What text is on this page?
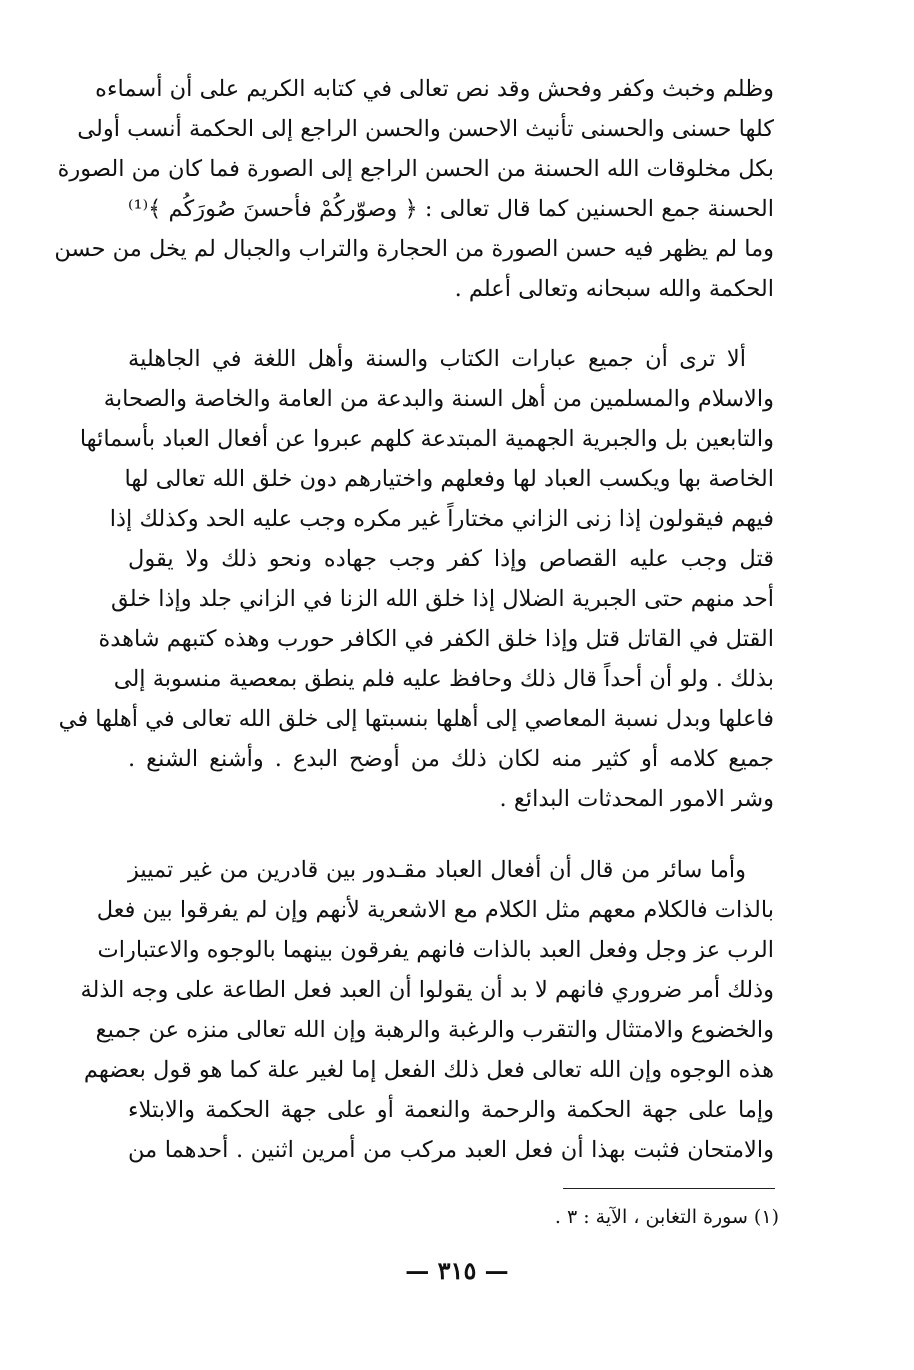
وظلم وخبث وكفر وفحش وقد نص تعالى في كتابه الكريم على أن أسماءه
كلها حسنى والحسنى تأنيث الاحسن والحسن الراجع إلى الحكمة أنسب أولى
بكل مخلوقات الله الحسنة من الحسن الراجع إلى الصورة فما كان من الصورة
الحسنة جمع الحسنين كما قال تعالى : ﴿ وصوّركُمْ فأحسنَ صُورَكُم ﴾⁽¹⁾
وما لم يظهر فيه حسن الصورة من الحجارة والتراب والجبال لم يخل من حسن
الحكمة والله سبحانه وتعالى أعلم .
ألا ترى أن جميع عبارات الكتاب والسنة وأهل اللغة في الجاهلية
والاسلام والمسلمين من أهل السنة والبدعة من العامة والخاصة والصحابة
والتابعين بل والجبرية الجهمية المبتدعة كلهم عبروا عن أفعال العباد بأسمائها
الخاصة بها ويكسب العباد لها وفعلهم واختيارهم دون خلق الله تعالى لها
فيهم فيقولون إذا زنى الزاني مختاراً غير مكره وجب عليه الحد وكذلك إذا
قتل وجب عليه القصاص وإذا كفر وجب جهاده ونحو ذلك ولا يقول
أحد منهم حتى الجبرية الضلال إذا خلق الله الزنا في الزاني جلد وإذا خلق
القتل في القاتل قتل وإذا خلق الكفر في الكافر حورب وهذه كتبهم شاهدة
بذلك . ولو أن أحداً قال ذلك وحافظ عليه فلم ينطق بمعصية منسوبة إلى
فاعلها وبدل نسبة المعاصي إلى أهلها بنسبتها إلى خلق الله تعالى في أهلها في
جميع كلامه أو كثير منه لكان ذلك من أوضح البدع . وأشنع الشنع .
وشر الامور المحدثات البدائع .
وأما سائر من قال أن أفعال العباد مقـدور بين قادرين من غير تمييز
بالذات فالكلام معهم مثل الكلام مع الاشعرية لأنهم وإن لم يفرقوا بين فعل
الرب عز وجل وفعل العبد بالذات فانهم يفرقون بينهما بالوجوه والاعتبارات
وذلك أمر ضروري فانهم لا بد أن يقولوا أن العبد فعل الطاعة على وجه الذلة
والخضوع والامتثال والتقرب والرغبة والرهبة وإن الله تعالى منزه عن جميع
هذه الوجوه وإن الله تعالى فعل ذلك الفعل إما لغير علة كما هو قول بعضهم
وإما على جهة الحكمة والرحمة والنعمة أو على جهة الحكمة والابتلاء
والامتحان فثبت بهذا أن فعل العبد مركب من أمرين اثنين . أحدهما من
(١) سورة التغابن ، الآية : ٣ .
— ٣١٥ —
